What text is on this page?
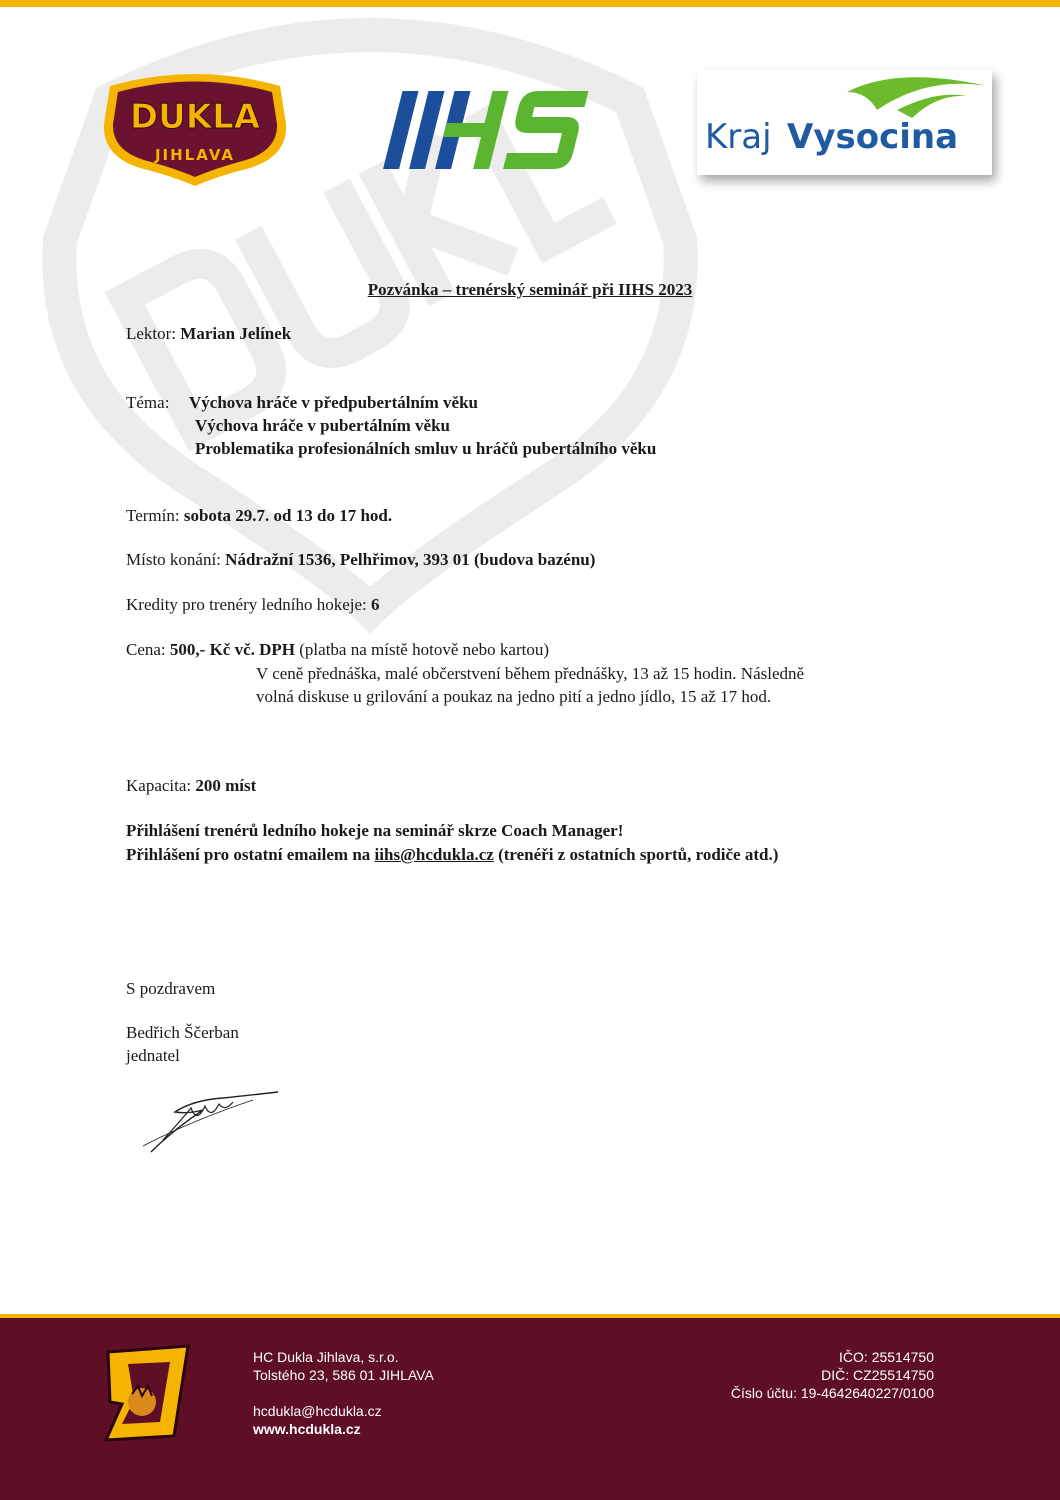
DUKLA
JIHLAVA	Kraj Vysocina
Pozvánka – trenérský seminář při IIHS 2023
Lektor: Marian Jelínek
Téma: Výchova hráče v předpubertálním věku
Výchova hráče v pubertálním věku
Problematika profesionálních smluv u hráčů pubertálního věku
Termín: sobota 29.7. od 13 do 17 hod.
Místo konání: Nádražní 1536, Pelhřimov, 393 01 (budova bazénu)
Kredity pro trenéry ledního hokeje: 6
Cena: 500,- Kč vč. DPH (platba na místě hotově nebo kartou)
V ceně přednáška, malé občerstvení během přednášky, 13 až 15 hodin. Následně
volná diskuse u grilování a poukaz na jedno pití a jedno jídlo, 15 až 17 hod.
Kapacita: 200 míst
Přihlášení trenérů ledního hokeje na seminář skrze Coach Manager!
Přihlášení pro ostatní emailem na iihs@hcdukla.cz (trenéři z ostatních sportů, rodiče atd.)
S pozdravem
Bedřich Ščerban
jednatel
HC Dukla Jihlava, s.r.o.
Tolstého 23, 586 01 JIHLAVA
hcdukla@hcdukla.cz
www.hcdukla.cz
IČO: 25514750
DIČ: CZ25514750
Číslo účtu: 19-4642640227/0100
